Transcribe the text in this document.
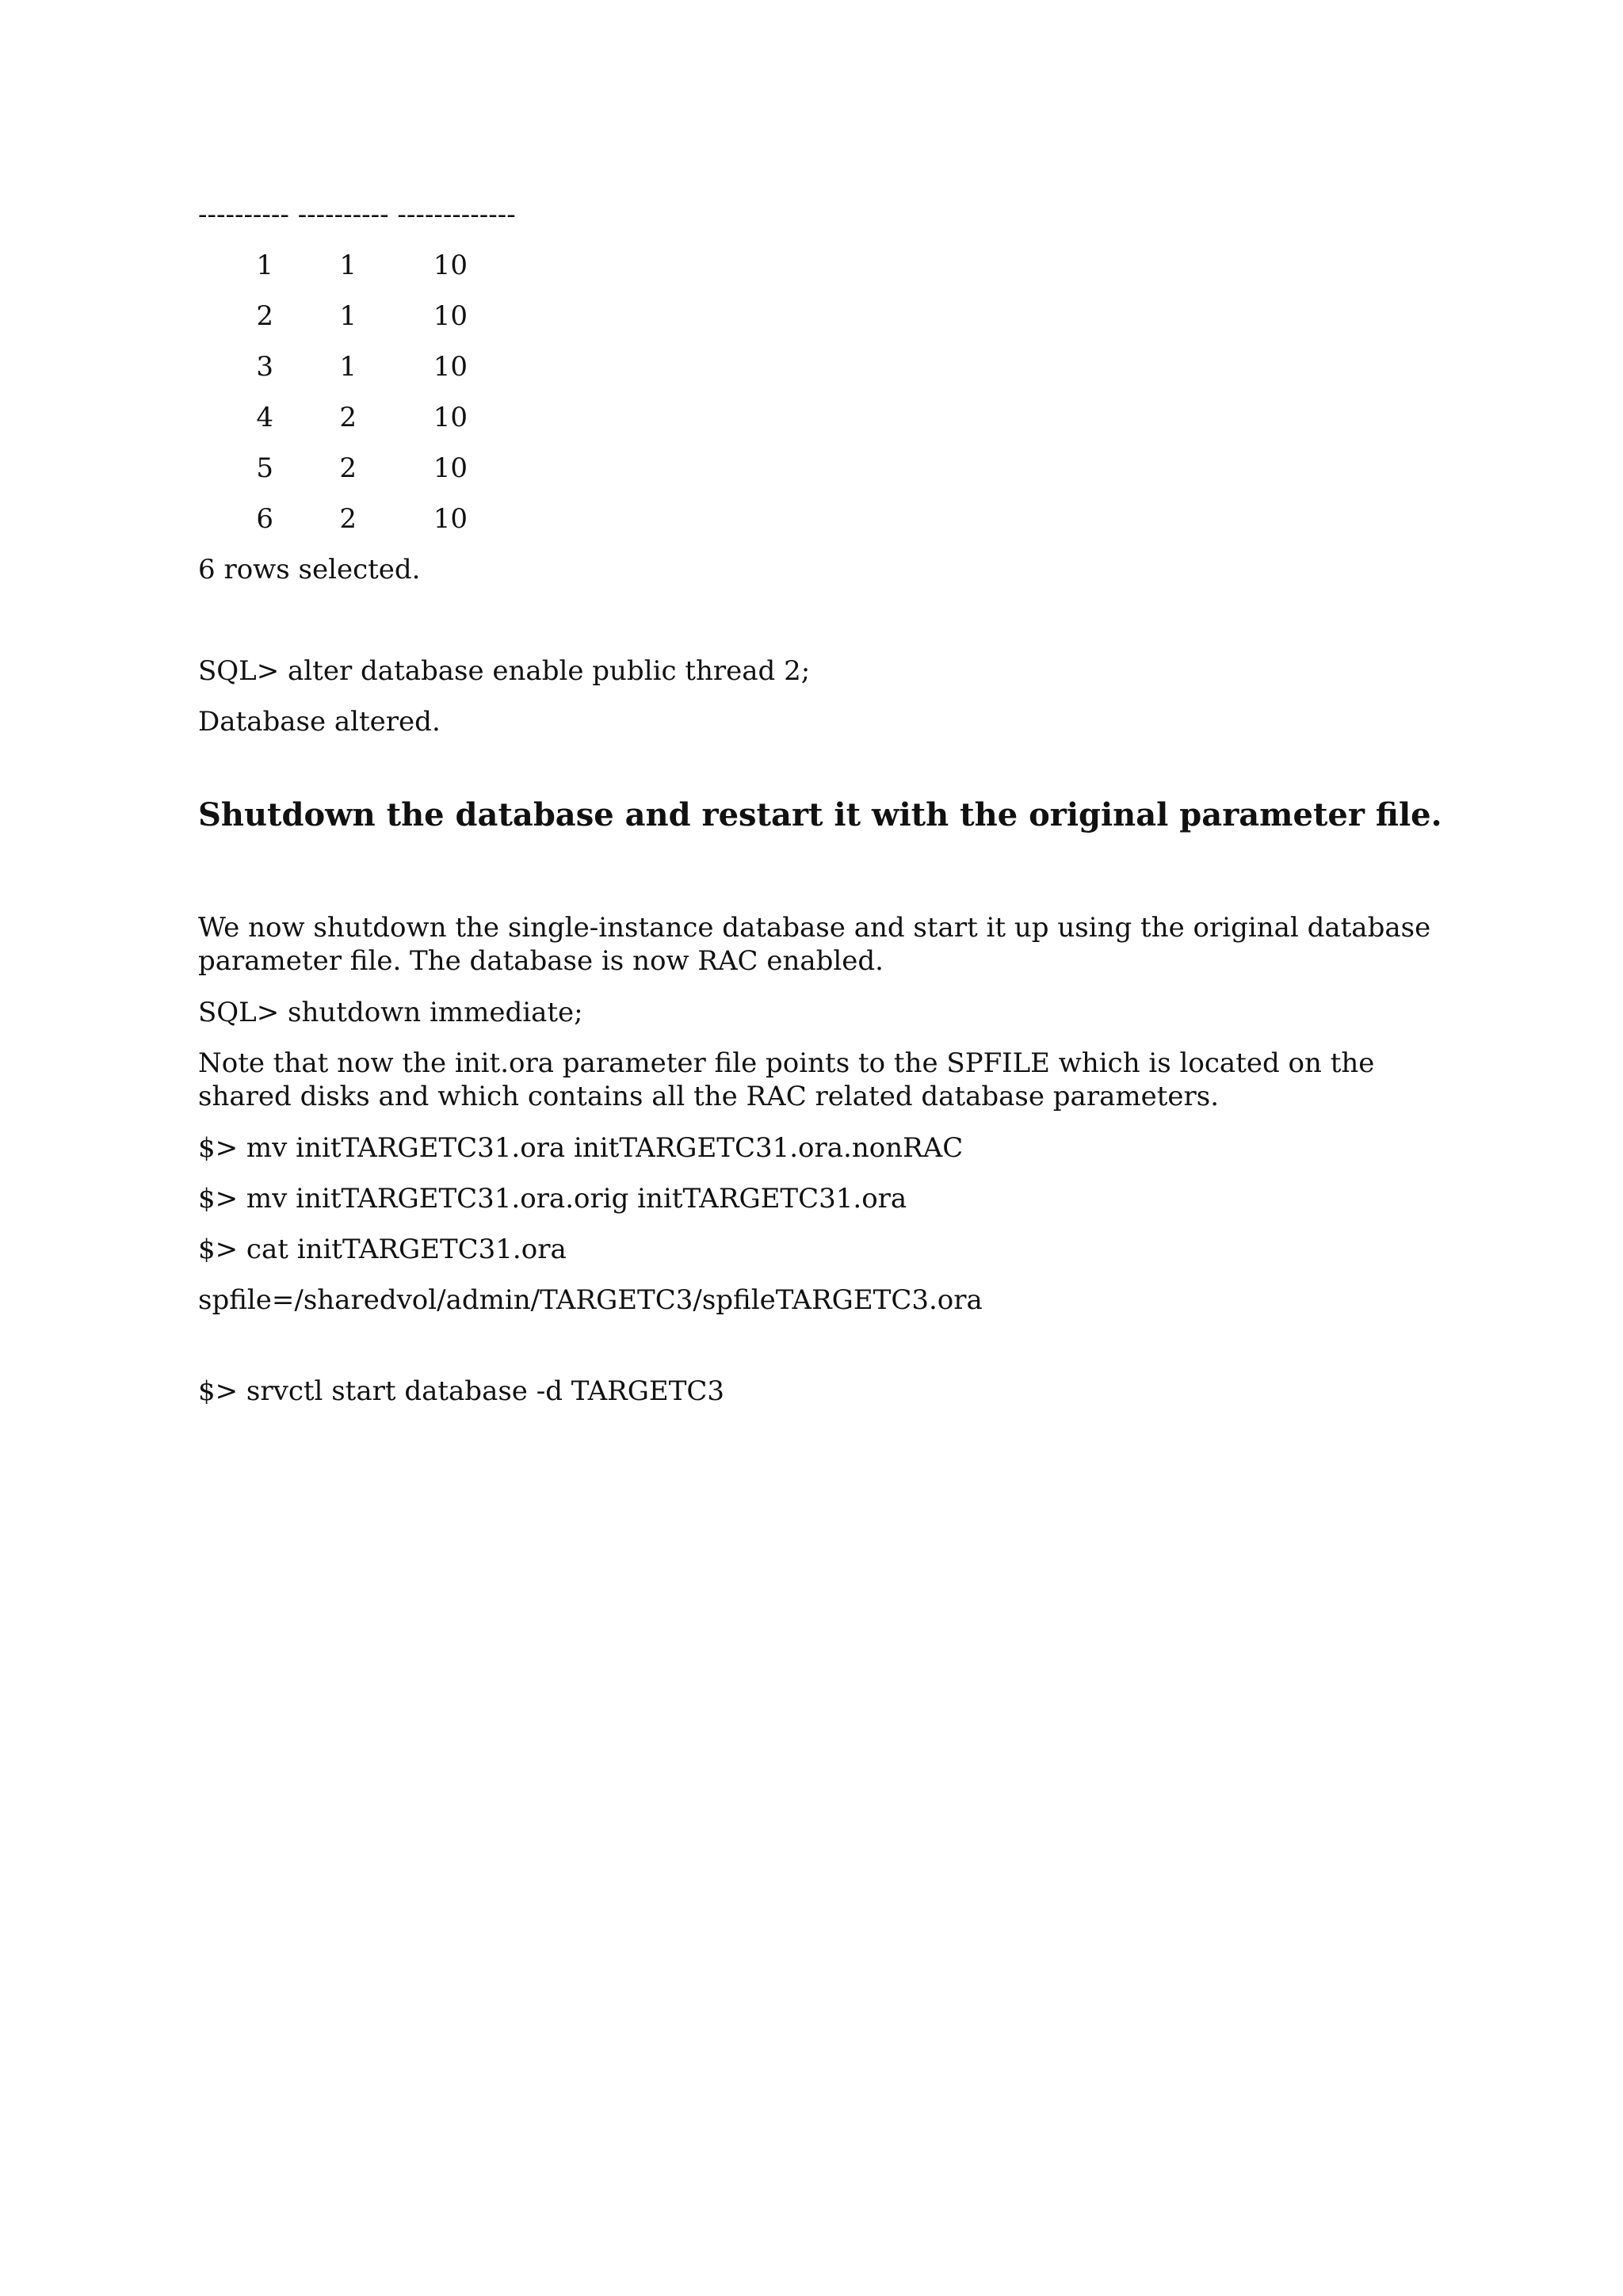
---------- ---------- -------------
1	1	10
2	1	10
3	1	10
4	2	10
5	2	10
6	2	10
6 rows selected.
SQL> alter database enable public thread 2;
Database altered.
Shutdown the database and restart it with the original parameter file.
We now shutdown the single-instance database and start it up using the original database parameter file. The database is now RAC enabled.
SQL> shutdown immediate;
Note that now the init.ora parameter file points to the SPFILE which is located on the shared disks and which contains all the RAC related database parameters.
$> mv initTARGETC31.ora initTARGETC31.ora.nonRAC
$> mv initTARGETC31.ora.orig initTARGETC31.ora
$> cat initTARGETC31.ora
spfile=/sharedvol/admin/TARGETC3/spfileTARGETC3.ora
$> srvctl start database -d TARGETC3
